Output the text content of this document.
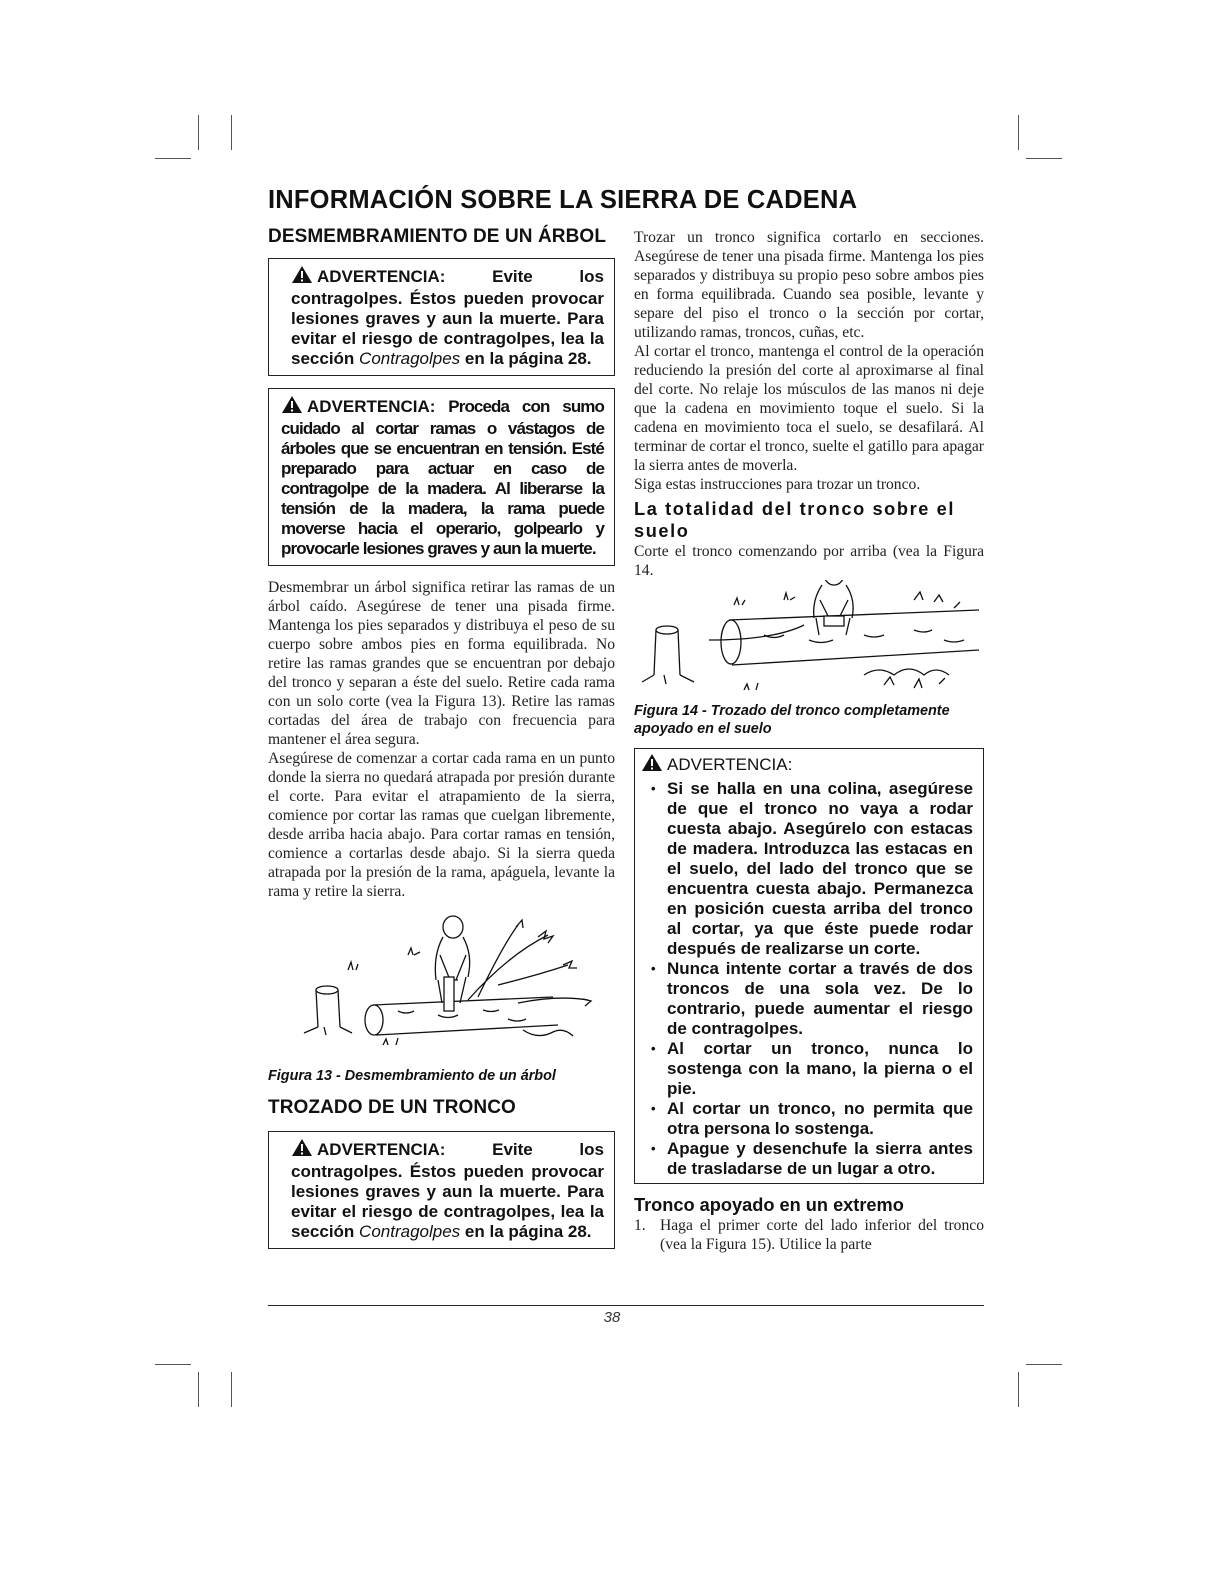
INFORMACIÓN SOBRE LA SIERRA DE CADENA
DESMEMBRAMIENTO DE UN ÁRBOL
ADVERTENCIA:	Evite los contragolpes. Éstos pueden provocar lesiones graves y aun la muerte. Para evitar el riesgo de contragolpes, lea la sección Contragolpes en la página 28.
ADVERTENCIA: Proceda con sumo cuidado al cortar ramas o vástagos de árboles que se encuentran en tensión. Esté preparado para actuar en caso de contragolpe de la madera. Al liberarse la tensión de la madera, la rama puede moverse hacia el operario, golpearlo y provocarle lesiones graves y aun la muerte.

Desmembrar un árbol significa retirar las ramas de un árbol caído. Asegúrese de tener una pisada firme. Mantenga los pies separados y distribuya el peso de su cuerpo sobre ambos pies en forma equilibrada. No retire las ramas grandes que se encuentran por debajo del tronco y separan a éste del suelo. Retire cada rama con un solo corte (vea la Figura 13). Retire las ramas cortadas del área de trabajo con frecuencia para mantener el área segura.

Asegúrese de comenzar a cortar cada rama en un punto donde la sierra no quedará atrapada por presión durante el corte. Para evitar el atrapamiento de la sierra, comience por cortar las ramas que cuelgan libremente, desde arriba hacia abajo. Para cortar ramas en tensión, comience a cortarlas desde abajo. Si la sierra queda atrapada por la presión de la rama, apáguela, levante la rama y retire la sierra.

Figura 13 - Desmembramiento de un árbol
TROZADO DE UN TRONCO
ADVERTENCIA:	Evite los contragolpes. Éstos pueden provocar lesiones graves y aun la muerte. Para evitar el riesgo de contragolpes, lea la sección Contragolpes en la página 28.

Trozar un tronco significa cortarlo en secciones. Asegúrese de tener una pisada firme. Mantenga los pies separados y distribuya su propio peso sobre ambos pies en forma equilibrada. Cuando sea posible, levante y separe del piso el tronco o la sección por cortar, utilizando ramas, troncos, cuñas, etc.

Al cortar el tronco, mantenga el control de la operación reduciendo la presión del corte al aproximarse al final del corte. No relaje los músculos de las manos ni deje que la cadena en movimiento toque el suelo. Si la cadena en movimiento toca el suelo, se desafilará. Al terminar de cortar el tronco, suelte el gatillo para apagar la sierra antes de moverla.

Siga estas instrucciones para trozar un tronco.

La totalidad del tronco sobre el suelo

Corte el tronco comenzando por arriba (vea la Figura 14.

Figura 14 - Trozado del tronco completamente apoyado en el suelo
ADVERTENCIA:
• Si se halla en una colina, asegúrese de que el tronco no vaya a rodar cuesta abajo. Asegúrelo con estacas de madera. Introduzca las estacas en el suelo, del lado del tronco que se encuentra cuesta abajo. Permanezca en posición cuesta arriba del tronco al cortar, ya que éste puede rodar después de realizarse un corte.
• Nunca intente cortar a través de dos troncos de una sola vez. De lo contrario, puede aumentar el riesgo de contragolpes.
• Al cortar un tronco, nunca lo sostenga con la mano, la pierna o el pie.
• Al cortar un tronco, no permita que otra persona lo sostenga.
• Apague y desenchufe la sierra antes de trasladarse de un lugar a otro.
Tronco apoyado en un extremo
1. Haga el primer corte del lado inferior del tronco (vea la Figura 15). Utilice la parte
38
